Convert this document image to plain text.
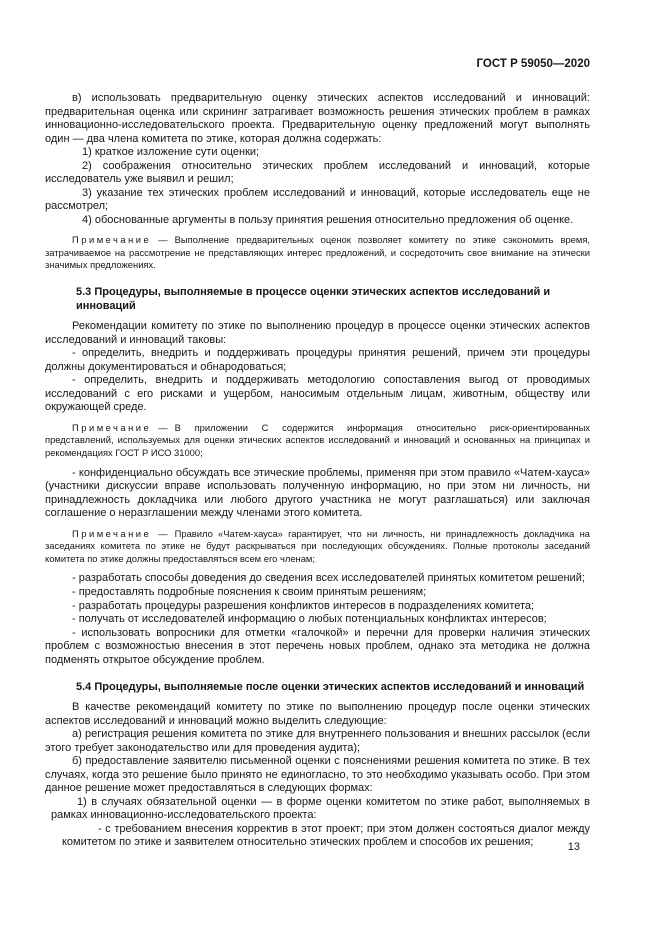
ГОСТ Р 59050—2020

в) использовать предварительную оценку этических аспектов исследований и инноваций: предварительная оценка или скрининг затрагивает возможность решения этических проблем в рамках инновационно-исследовательского проекта. Предварительную оценку предложений могут выполнять один — два члена комитета по этике, которая должна содержать:

1) краткое изложение сути оценки;

2) соображения относительно этических проблем исследований и инноваций, которые исследователь уже выявил и решил;

3) указание тех этических проблем исследований и инноваций, которые исследователь еще не рассмотрел;

4) обоснованные аргументы в пользу принятия решения относительно предложения об оценке.

Примечание — Выполнение предварительных оценок позволяет комитету по этике сэкономить время, затрачиваемое на рассмотрение не представляющих интерес предложений, и сосредоточить свое внимание на этически значимых предложениях.

5.3 Процедуры, выполняемые в процессе оценки этических аспектов исследований и инноваций

Рекомендации комитету по этике по выполнению процедур в процессе оценки этических аспектов исследований и инноваций таковы:

- определить, внедрить и поддерживать процедуры принятия решений, причем эти процедуры должны документироваться и обнародоваться;

- определить, внедрить и поддерживать методологию сопоставления выгод от проводимых исследований с его рисками и ущербом, наносимым отдельным лицам, животным, обществу или окружающей среде.

Примечание — В приложении С содержится информация относительно риск-ориентированных представлений, используемых для оценки этических аспектов исследований и инноваций и основанных на принципах и рекомендациях ГОСТ Р ИСО 31000;

- конфиденциально обсуждать все этические проблемы, применяя при этом правило «Чатем-хауса» (участники дискуссии вправе использовать полученную информацию, но при этом ни личность, ни принадлежность докладчика или любого другого участника не могут разглашаться) или заключая соглашение о неразглашении между членами этого комитета.

Примечание — Правило «Чатем-хауса» гарантирует, что ни личность, ни принадлежность докладчика на заседаниях комитета по этике не будут раскрываться при последующих обсуждениях. Полные протоколы заседаний комитета по этике должны предоставляться всем его членам;

- разработать способы доведения до сведения всех исследователей принятых комитетом решений;

- предоставлять подробные пояснения к своим принятым решениям;

- разработать процедуры разрешения конфликтов интересов в подразделениях комитета;

- получать от исследователей информацию о любых потенциальных конфликтах интересов;

- использовать вопросники для отметки «галочкой» и перечни для проверки наличия этических проблем с возможностью внесения в этот перечень новых проблем, однако эта методика не должна подменять открытое обсуждение проблем.

5.4 Процедуры, выполняемые после оценки этических аспектов исследований и инноваций

В качестве рекомендаций комитету по этике по выполнению процедур после оценки этических аспектов исследований и инноваций можно выделить следующие:

а) регистрация решения комитета по этике для внутреннего пользования и внешних рассылок (если этого требует законодательство или для проведения аудита);

б) предоставление заявителю письменной оценки с пояснениями решения комитета по этике. В тех случаях, когда это решение было принято не единогласно, то это необходимо указывать особо. При этом данное решение может предоставляться в следующих формах:

1) в случаях обязательной оценки — в форме оценки комитетом по этике работ, выполняемых в рамках инновационно-исследовательского проекта:

- с требованием внесения корректив в этот проект; при этом должен состояться диалог между комитетом по этике и заявителем относительно этических проблем и способов их решения;	13
